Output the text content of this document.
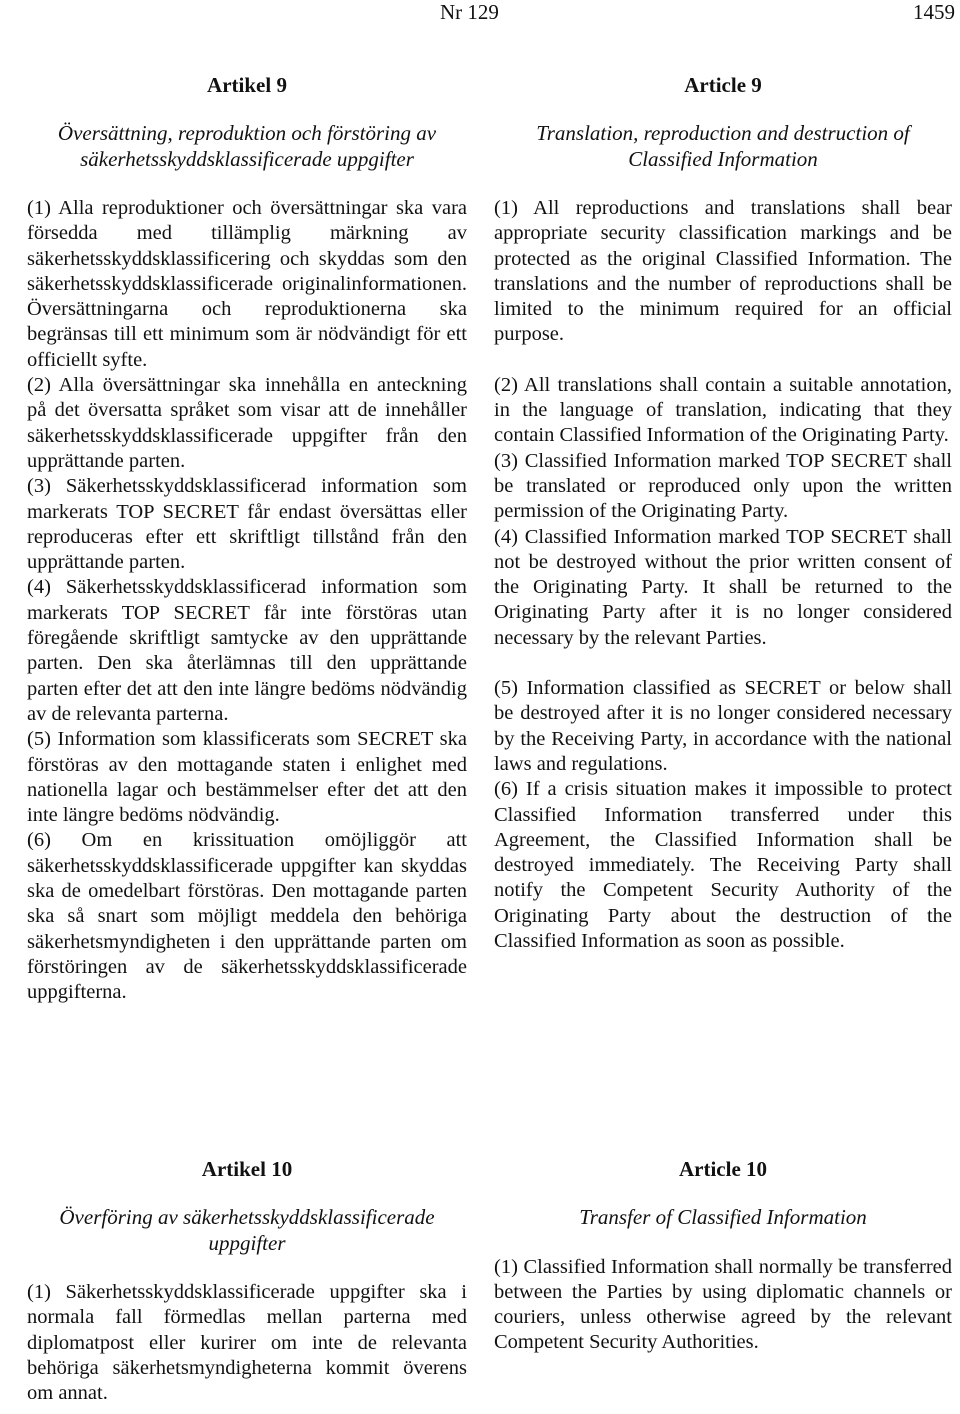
Nr 129	1459
Artikel 9
Översättning, reproduktion och förstöring av säkerhetsskyddsklassificerade uppgifter

(1) Alla reproduktioner och översättningar ska vara försedda med tillämplig märkning av säkerhetsskyddsklassificering och skyddas som den säkerhetsskyddsklassificerade originalinformationen. Översättningarna och reproduktionerna ska begränsas till ett minimum som är nödvändigt för ett officiellt syfte.

(2) Alla översättningar ska innehålla en anteckning på det översatta språket som visar att de innehåller säkerhetsskyddsklassificerade uppgifter från den upprättande parten.

(3) Säkerhetsskyddsklassificerad information som markerats TOP SECRET får endast översättas eller reproduceras efter ett skriftligt tillstånd från den upprättande parten.

(4) Säkerhetsskyddsklassificerad information som markerats TOP SECRET får inte förstöras utan föregående skriftligt samtycke av den upprättande parten. Den ska återlämnas till den upprättande parten efter det att den inte längre bedöms nödvändig av de relevanta parterna.

(5) Information som klassificerats som SECRET ska förstöras av den mottagande staten i enlighet med nationella lagar och bestämmelser efter det att den inte längre bedöms nödvändig.

(6) Om en krissituation omöjliggör att säkerhetsskyddsklassificerade uppgifter kan skyddas ska de omedelbart förstöras. Den mottagande parten ska så snart som möjligt meddela den behöriga säkerhetsmyndigheten i den upprättande parten om förstöringen av de säkerhetsskyddsklassificerade uppgifterna.

Article 9
Translation, reproduction and destruction of Classified Information

(1) All reproductions and translations shall bear appropriate security classification markings and be protected as the original Classified Information. The translations and the number of reproductions shall be limited to the minimum required for an official purpose.

(2) All translations shall contain a suitable annotation, in the language of translation, indicating that they contain Classified Information of the Originating Party.

(3) Classified Information marked TOP SECRET shall be translated or reproduced only upon the written permission of the Originating Party.

(4) Classified Information marked TOP SECRET shall not be destroyed without the prior written consent of the Originating Party. It shall be returned to the Originating Party after it is no longer considered necessary by the relevant Parties.

(5) Information classified as SECRET or below shall be destroyed after it is no longer considered necessary by the Receiving Party, in accordance with the national laws and regulations.

(6) If a crisis situation makes it impossible to protect Classified Information transferred under this Agreement, the Classified Information shall be destroyed immediately. The Receiving Party shall notify the Competent Security Authority of the Originating Party about the destruction of the Classified Information as soon as possible.

Artikel 10
Överföring av säkerhetsskyddsklassificerade uppgifter

(1) Säkerhetsskyddsklassificerade uppgifter ska i normala fall förmedlas mellan parterna med diplomatpost eller kurirer om inte de relevanta behöriga säkerhetsmyndigheterna kommit överens om annat.

Article 10
Transfer of Classified Information

(1) Classified Information shall normally be transferred between the Parties by using diplomatic channels or couriers, unless otherwise agreed by the relevant Competent Security Authorities.
